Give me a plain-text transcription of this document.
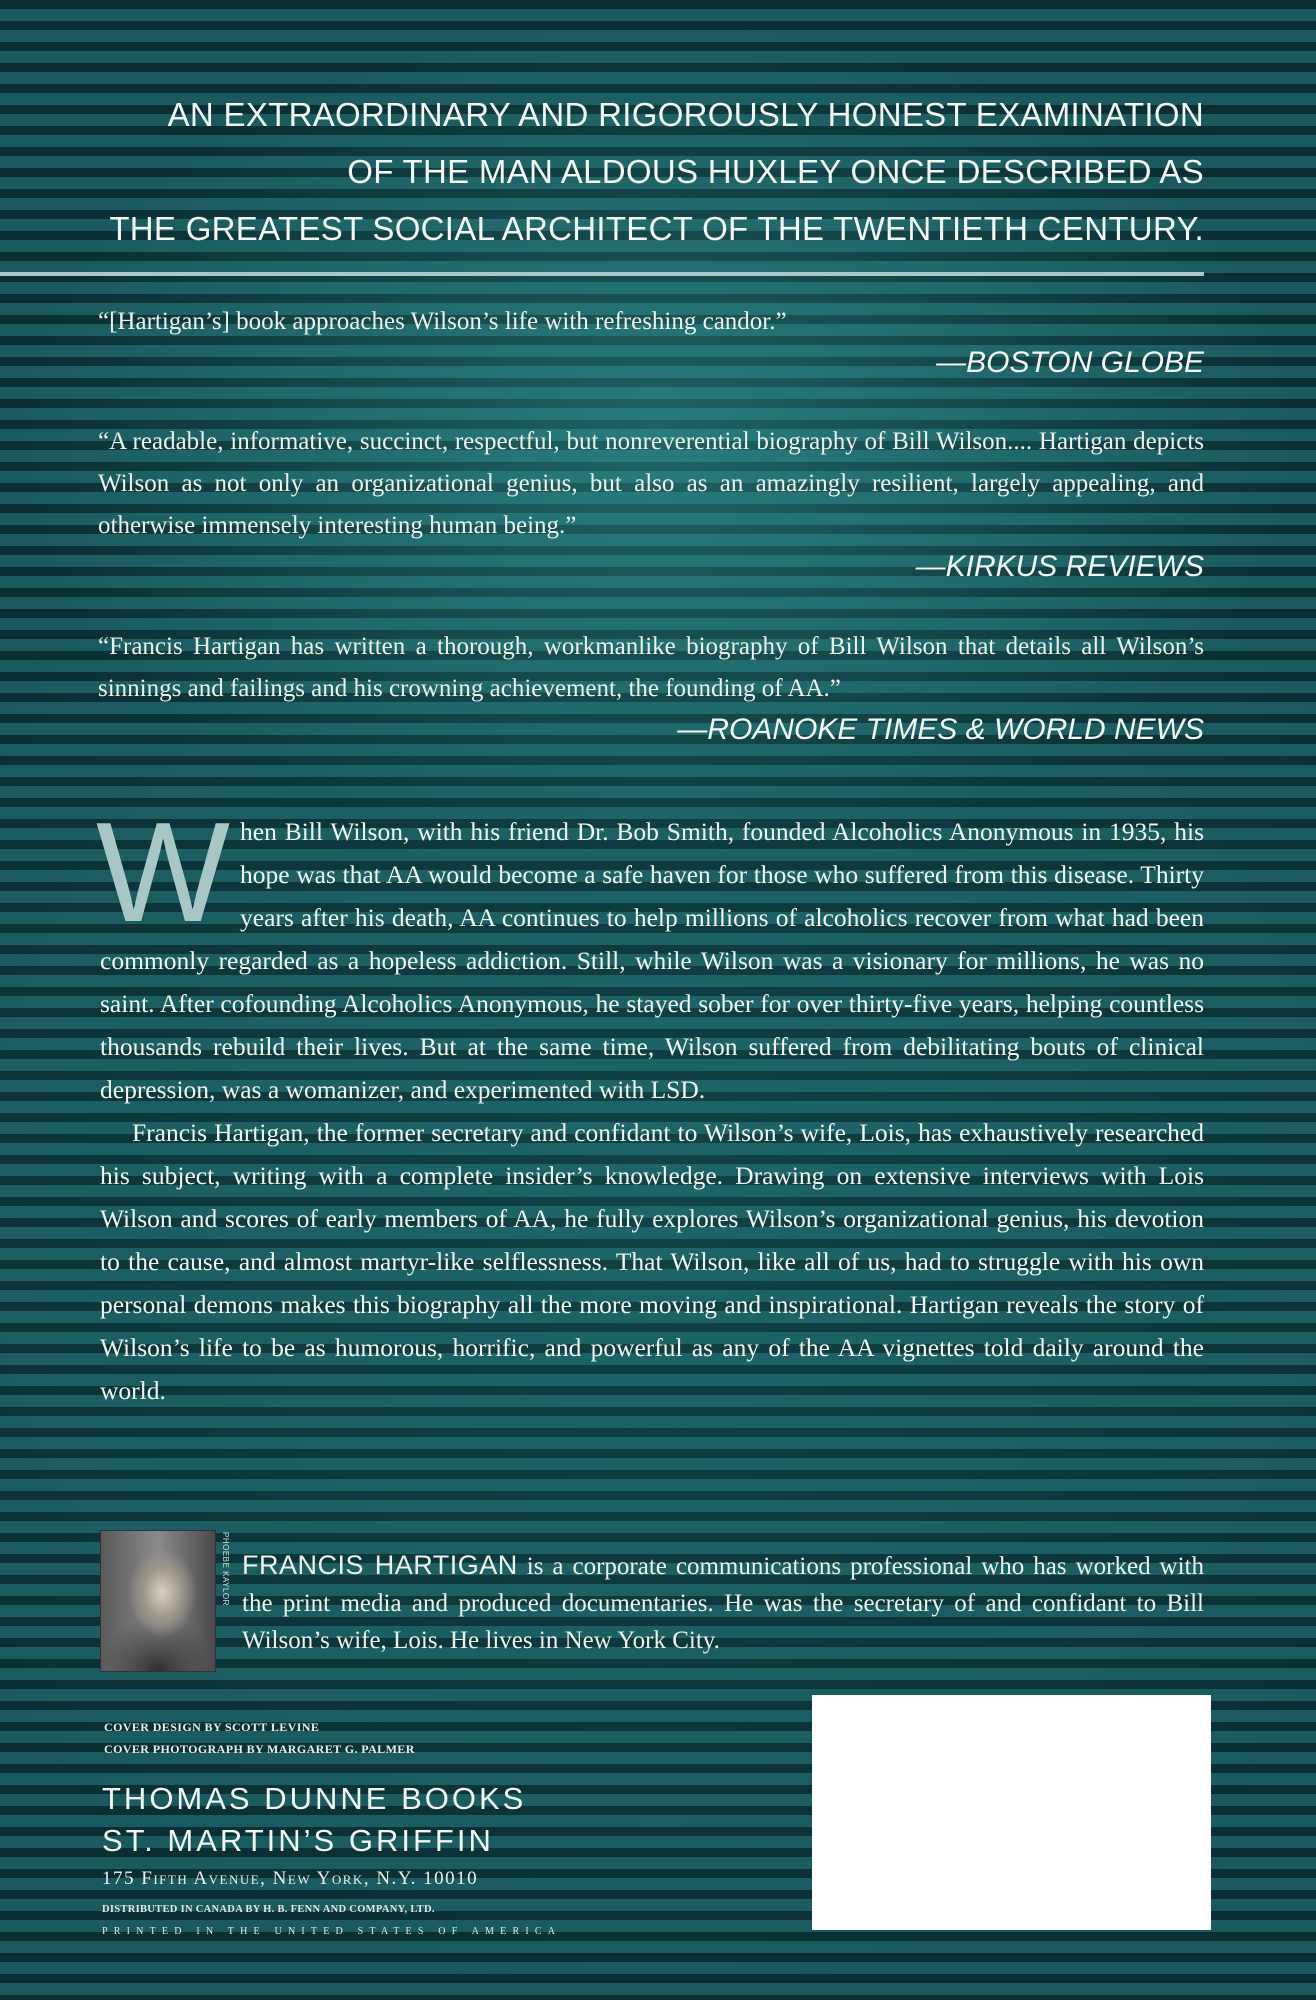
AN EXTRAORDINARY AND RIGOROUSLY HONEST EXAMINATION
OF THE MAN ALDOUS HUXLEY ONCE DESCRIBED AS
THE GREATEST SOCIAL ARCHITECT OF THE TWENTIETH CENTURY.

“[Hartigan’s] book approaches Wilson’s life with refreshing candor.”

—BOSTON GLOBE

“A readable, informative, succinct, respectful, but nonreverential biography of Bill Wilson.... Hartigan depicts Wilson as not only an organizational genius, but also as an amazingly resilient, largely appealing, and otherwise immensely interesting human being.”

—KIRKUS REVIEWS

“Francis Hartigan has written a thorough, workmanlike biography of Bill Wilson that details all Wilson’s sinnings and failings and his crowning achievement, the founding of AA.”

—ROANOKE TIMES & WORLD NEWS

When Bill Wilson, with his friend Dr. Bob Smith, founded Alcoholics Anonymous in 1935, his hope was that AA would become a safe haven for those who suffered from this disease. Thirty years after his death, AA continues to help millions of alcoholics recover from what had been commonly regarded as a hopeless addiction. Still, while Wilson was a visionary for millions, he was no saint. After cofounding Alcoholics Anonymous, he stayed sober for over thirty-five years, helping countless thousands rebuild their lives. But at the same time, Wilson suffered from debilitating bouts of clinical depression, was a womanizer, and experimented with LSD.

Francis Hartigan, the former secretary and confidant to Wilson’s wife, Lois, has exhaustively researched his subject, writing with a complete insider’s knowledge. Drawing on extensive interviews with Lois Wilson and scores of early members of AA, he fully explores Wilson’s organizational genius, his devotion to the cause, and almost martyr-like selflessness. That Wilson, like all of us, had to struggle with his own personal demons makes this biography all the more moving and inspirational. Hartigan reveals the story of Wilson’s life to be as humorous, horrific, and powerful as any of the AA vignettes told daily around the world.

PHOEBE KAYLOR FRANCIS HARTIGAN is a corporate communications professional who has worked with the print media and produced documentaries. He was the secretary of and confidant to Bill Wilson’s wife, Lois. He lives in New York City.
COVER DESIGN BY SCOTT LEVINE
COVER PHOTOGRAPH BY MARGARET G. PALMER
THOMAS DUNNE BOOKS
ST. MARTIN’S GRIFFIN
175 Fifth Avenue, New York, N.Y. 10010
DISTRIBUTED IN CANADA BY H. B. FENN AND COMPANY, LTD.
PRINTED IN THE UNITED STATES OF AMERICA
